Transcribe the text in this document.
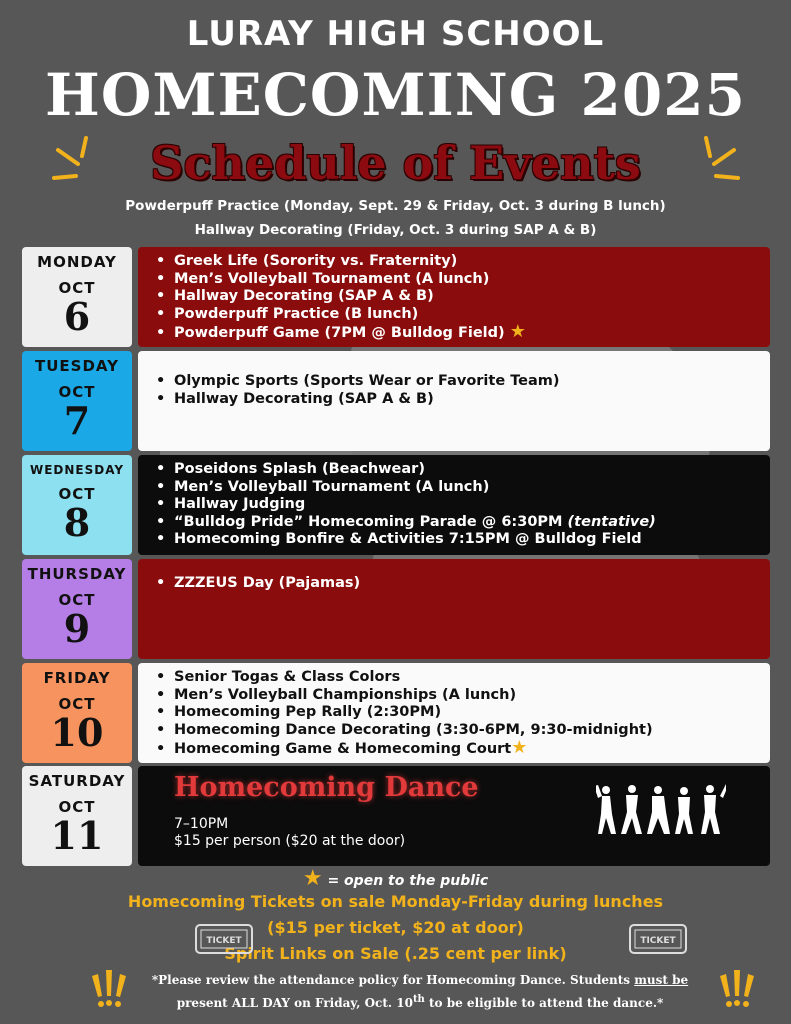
LURAY HIGH SCHOOL
HOMECOMING 2025
Schedule of Events
Powderpuff Practice (Monday, Sept. 29 & Friday, Oct. 3 during B lunch)
Hallway Decorating (Friday, Oct. 3 during SAP A & B)
MONDAY
OCT
6
• Greek Life (Sorority vs. Fraternity)
• Men’s Volleyball Tournament (A lunch)
• Hallway Decorating (SAP A & B)
• Powderpuff Practice (B lunch)
• Powderpuff Game (7PM @ Bulldog Field) ★
TUESDAY
OCT
7
• Olympic Sports (Sports Wear or Favorite Team)
• Hallway Decorating (SAP A & B)
WEDNESDAY
OCT
8
• Poseidons Splash (Beachwear)
• Men’s Volleyball Tournament (A lunch)
• Hallway Judging
• “Bulldog Pride” Homecoming Parade @ 6:30PM (tentative)
• Homecoming Bonfire & Activities 7:15PM @ Bulldog Field
THURSDAY
OCT
9
• ZZZEUS Day (Pajamas)
FRIDAY
OCT
10
• Senior Togas & Class Colors
• Men’s Volleyball Championships (A lunch)
• Homecoming Pep Rally (2:30PM)
• Homecoming Dance Decorating (3:30-6PM, 9:30-midnight)
• Homecoming Game & Homecoming Court★
SATURDAY
OCT
11
Homecoming Dance
7–10PM
$15 per person ($20 at the door)
★ = open to the public
Homecoming Tickets on sale Monday-Friday during lunches
($15 per ticket, $20 at door)
Spirit Links on Sale (.25 cent per link)
TICKET	TICKET
*Please review the attendance policy for Homecoming Dance. Students must be present ALL DAY on Friday, Oct. 10th to be eligible to attend the dance.*
